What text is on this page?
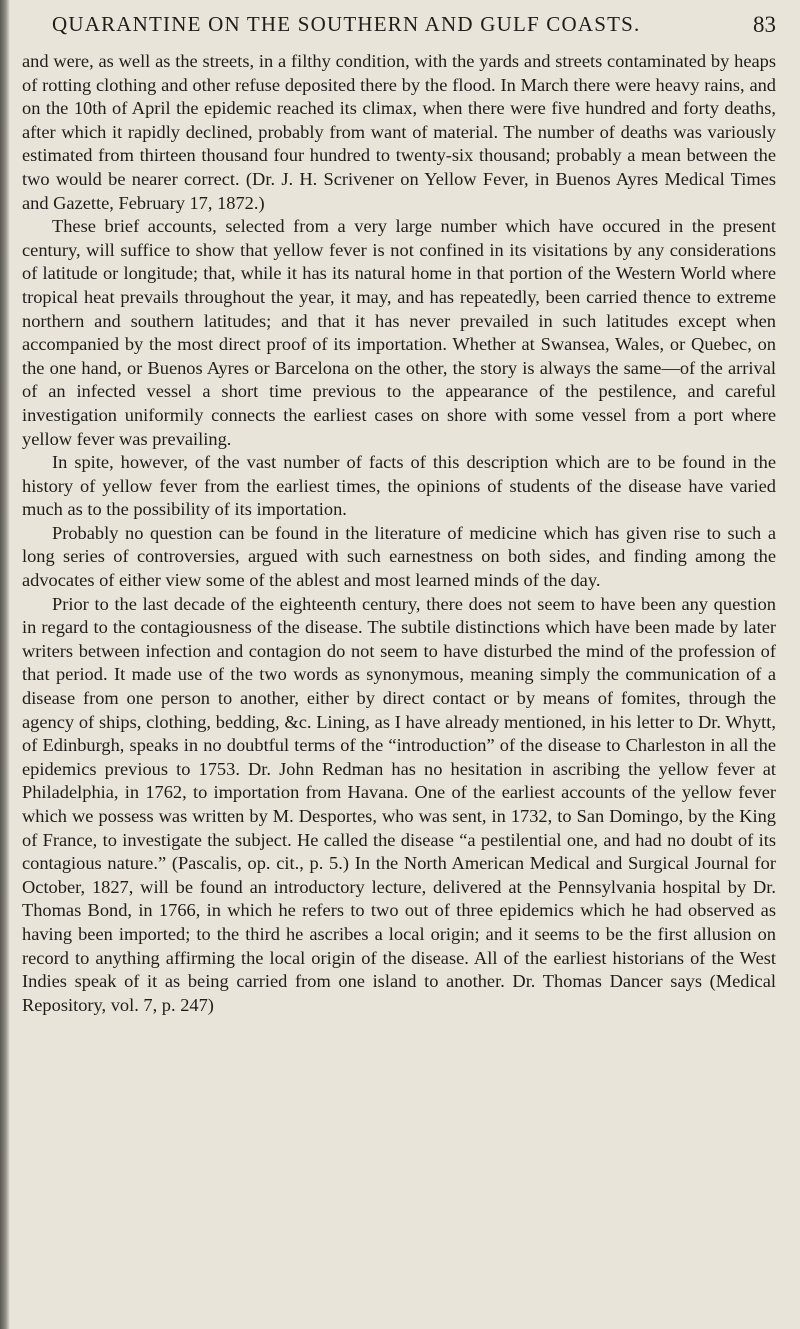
QUARANTINE ON THE SOUTHERN AND GULF COASTS.	83

and were, as well as the streets, in a filthy condition, with the yards and streets contaminated by heaps of rotting clothing and other refuse deposited there by the flood. In March there were heavy rains, and on the 10th of April the epidemic reached its climax, when there were five hundred and forty deaths, after which it rapidly declined, probably from want of material. The number of deaths was variously estimated from thirteen thousand four hundred to twenty-six thousand; probably a mean between the two would be nearer correct. (Dr. J. H. Scrivener on Yellow Fever, in Buenos Ayres Medical Times and Gazette, February 17, 1872.)

These brief accounts, selected from a very large number which have occured in the present century, will suffice to show that yellow fever is not confined in its visitations by any considerations of latitude or longitude; that, while it has its natural home in that portion of the Western World where tropical heat prevails throughout the year, it may, and has repeatedly, been carried thence to extreme northern and southern latitudes; and that it has never prevailed in such latitudes except when accompanied by the most direct proof of its importation. Whether at Swansea, Wales, or Quebec, on the one hand, or Buenos Ayres or Barcelona on the other, the story is always the same—of the arrival of an infected vessel a short time previous to the appearance of the pestilence, and careful investigation uniformily connects the earliest cases on shore with some vessel from a port where yellow fever was prevailing.

In spite, however, of the vast number of facts of this description which are to be found in the history of yellow fever from the earliest times, the opinions of students of the disease have varied much as to the possibility of its importation.

Probably no question can be found in the literature of medicine which has given rise to such a long series of controversies, argued with such earnestness on both sides, and finding among the advocates of either view some of the ablest and most learned minds of the day.

Prior to the last decade of the eighteenth century, there does not seem to have been any question in regard to the contagiousness of the disease. The subtile distinctions which have been made by later writers between infection and contagion do not seem to have disturbed the mind of the profession of that period. It made use of the two words as synonymous, meaning simply the communication of a disease from one person to another, either by direct contact or by means of fomites, through the agency of ships, clothing, bedding, &c. Lining, as I have already mentioned, in his letter to Dr. Whytt, of Edinburgh, speaks in no doubtful terms of the “introduction” of the disease to Charleston in all the epidemics previous to 1753. Dr. John Redman has no hesitation in ascribing the yellow fever at Philadelphia, in 1762, to importation from Havana. One of the earliest accounts of the yellow fever which we possess was written by M. Desportes, who was sent, in 1732, to San Domingo, by the King of France, to investigate the subject. He called the disease “a pestilential one, and had no doubt of its contagious nature.” (Pascalis, op. cit., p. 5.) In the North American Medical and Surgical Journal for October, 1827, will be found an introductory lecture, delivered at the Pennsylvania hospital by Dr. Thomas Bond, in 1766, in which he refers to two out of three epidemics which he had observed as having been imported; to the third he ascribes a local origin; and it seems to be the first allusion on record to anything affirming the local origin of the disease. All of the earliest historians of the West Indies speak of it as being carried from one island to another. Dr. Thomas Dancer says (Medical Repository, vol. 7, p. 247)
